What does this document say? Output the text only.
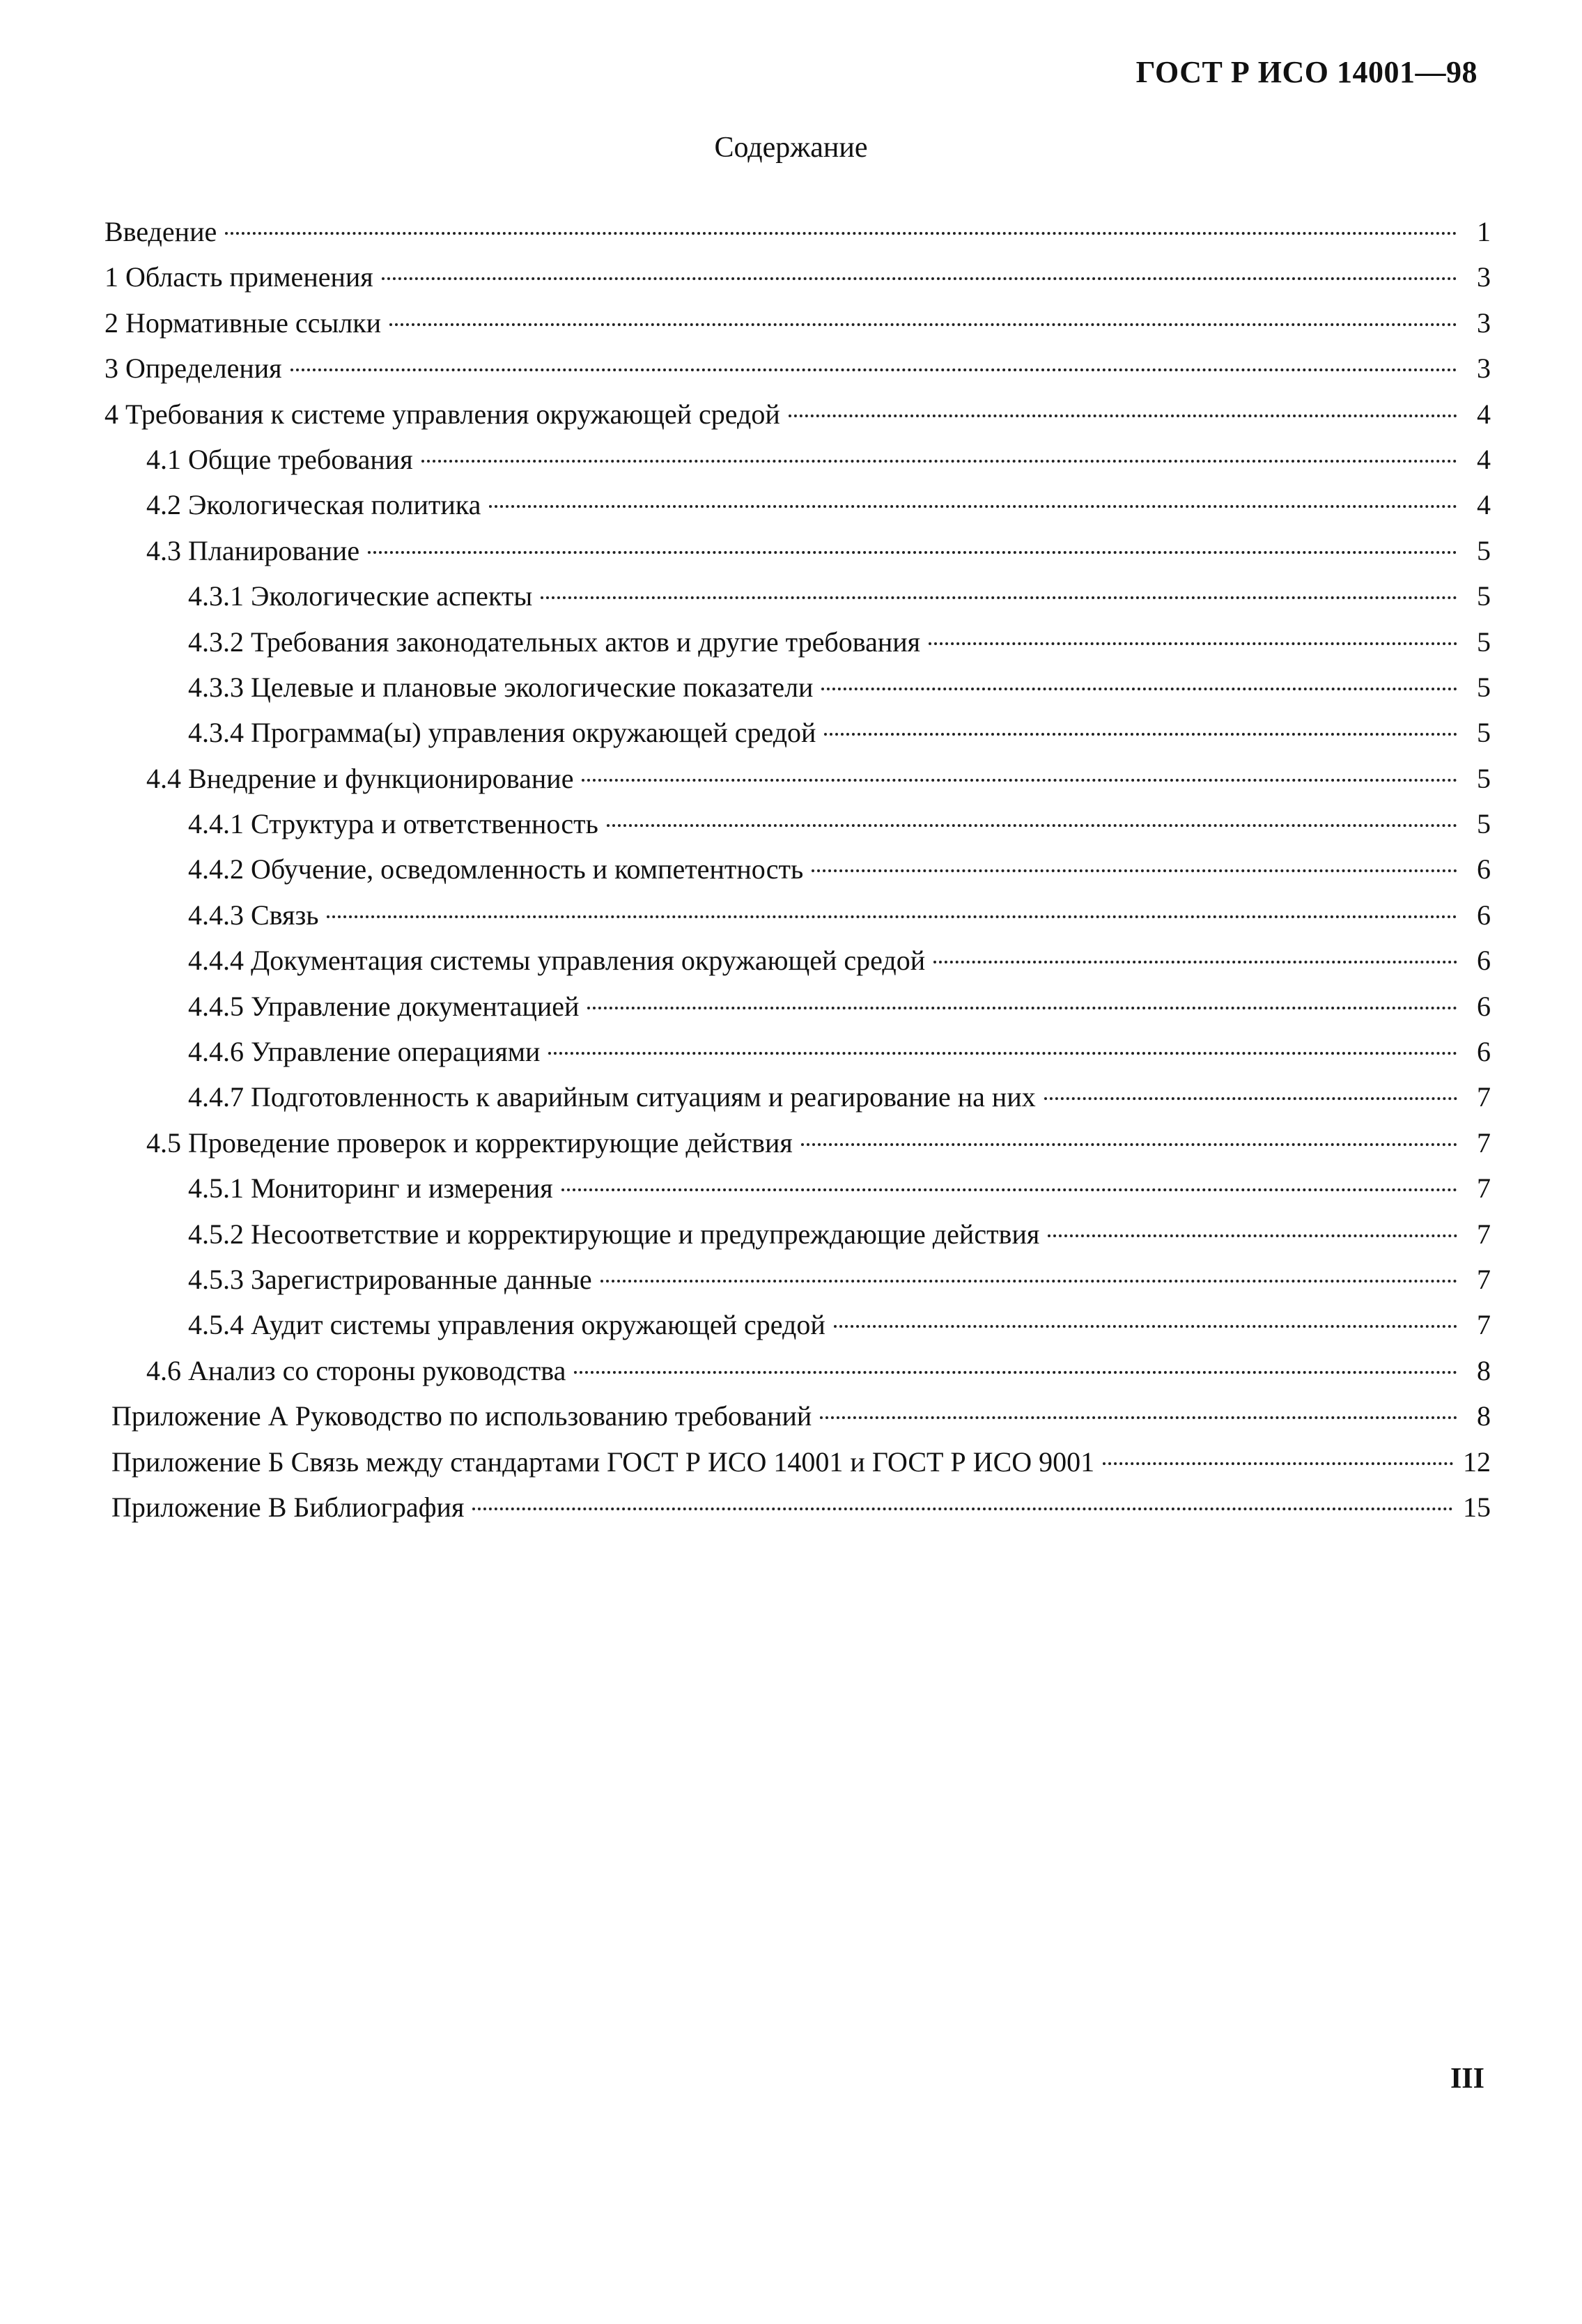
ГОСТ Р ИСО 14001—98
Содержание
Введение	1
1 Область применения	3
2 Нормативные ссылки	3
3 Определения	3
4 Требования к системе управления окружающей средой	4
4.1 Общие требования	4
4.2 Экологическая политика	4
4.3 Планирование	5
4.3.1 Экологические аспекты	5
4.3.2 Требования законодательных актов и другие требования	5
4.3.3 Целевые и плановые экологические показатели	5
4.3.4 Программа(ы) управления окружающей средой	5
4.4 Внедрение и функционирование	5
4.4.1 Структура и ответственность	5
4.4.2 Обучение, осведомленность и компетентность	6
4.4.3 Связь	6
4.4.4 Документация системы управления окружающей средой	6
4.4.5 Управление документацией	6
4.4.6 Управление операциями	6
4.4.7 Подготовленность к аварийным ситуациям и реагирование на них	7
4.5 Проведение проверок и корректирующие действия	7
4.5.1 Мониторинг и измерения	7
4.5.2 Несоответствие и корректирующие и предупреждающие действия	7
4.5.3 Зарегистрированные данные	7
4.5.4 Аудит системы управления окружающей средой	7
4.6 Анализ со стороны руководства	8
Приложение А Руководство по использованию требований	8
Приложение Б Связь между стандартами ГОСТ Р ИСО 14001 и ГОСТ Р ИСО 9001	12
Приложение В Библиография	15
III
